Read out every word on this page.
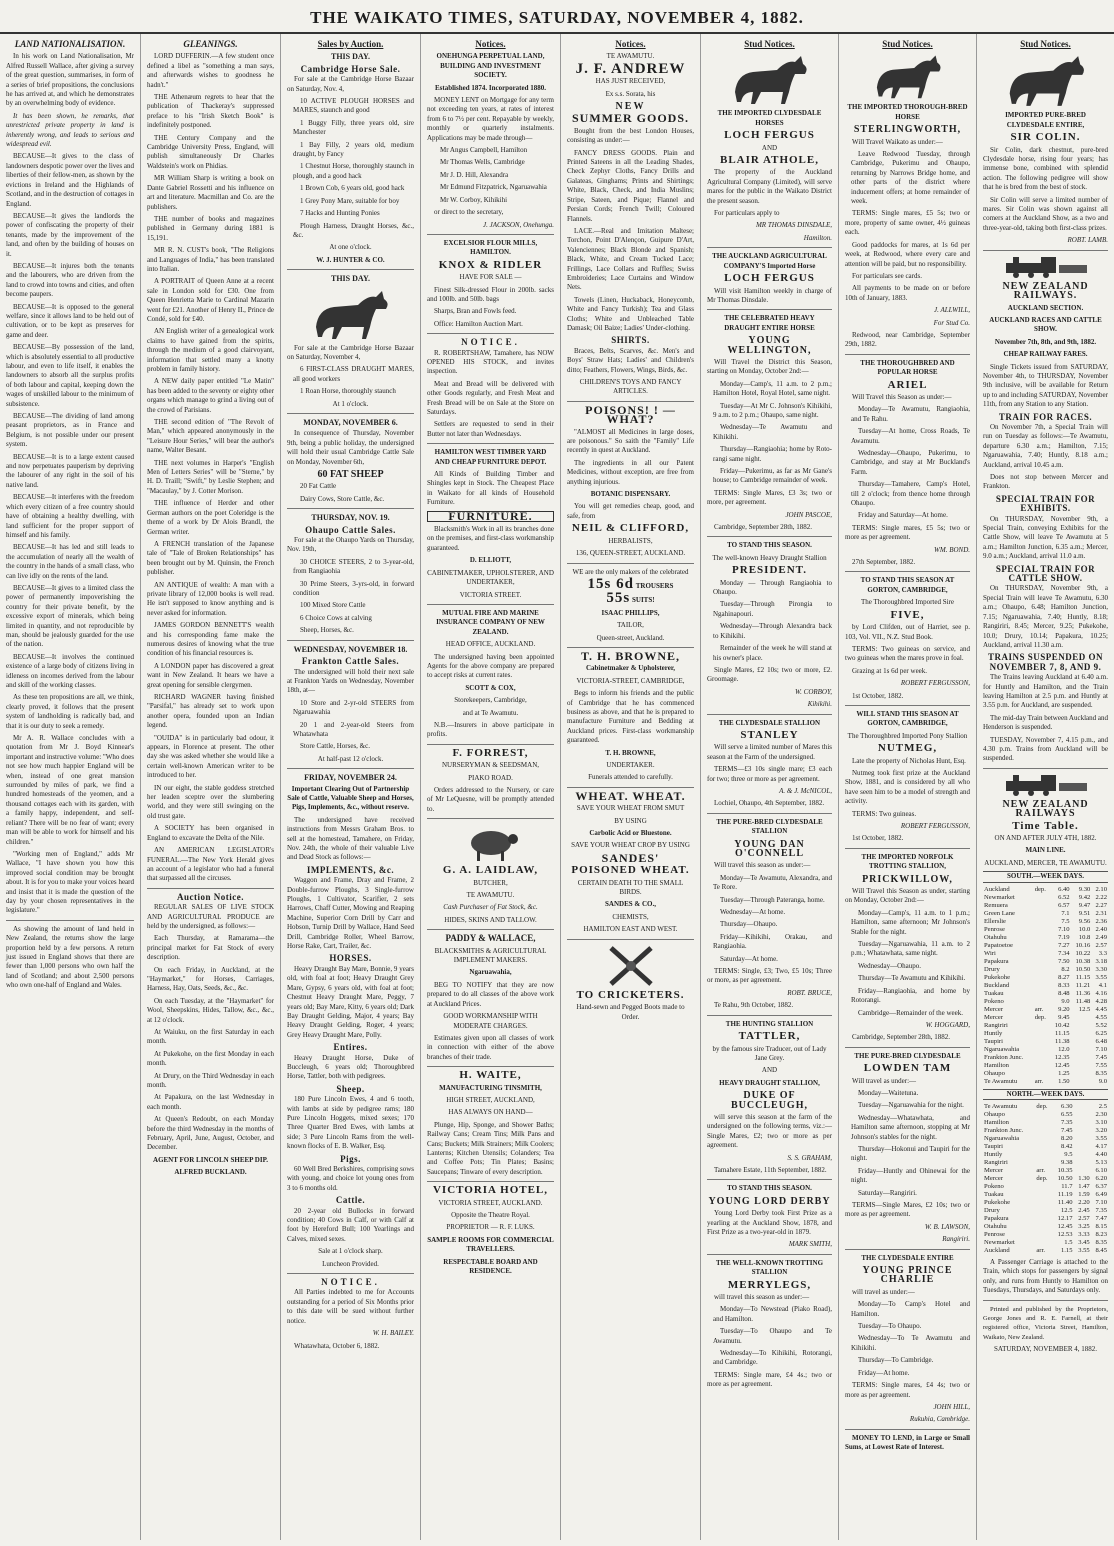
THE WAIKATO TIMES, SATURDAY, NOVEMBER 4, 1882.
LAND NATIONALISATION.

In his work on Land Nationalisation, Mr Alfred Russell Wallace, after giving a survey of the great question, summarises, in form of a series of brief propositions, the conclusions he has arrived at, and which he demonstrates by an overwhelming body of evidence.

It has been shown, he remarks, that unrestricted private property in land is inherently wrong, and leads to serious and widespread evil.

BECAUSE—It gives to the class of landowners despotic power over the lives and liberties of their fellow-men, as shown by the evictions in Ireland and the Highlands of Scotland, and in the destruction of cottages in England.

BECAUSE—It gives the landlords the power of confiscating the property of their tenants, made by the improvement of the land, and often by the building of houses on it.

BECAUSE—It injures both the tenants and the labourers, who are driven from the land to crowd into towns and cities, and often become paupers.

BECAUSE—It is opposed to the general welfare, since it allows land to be held out of cultivation, or to be kept as preserves for game and deer.

BECAUSE—By possession of the land, which is absolutely essential to all productive labour, and even to life itself, it enables the landowners to absorb all the surplus profits of both labour and capital, keeping down the wages of unskilled labour to the minimum of subsistence.

BECAUSE—The dividing of land among peasant proprietors, as in France and Belgium, is not possible under our present system.

BECAUSE—It is to a large extent caused and now perpetuates pauperism by depriving the labourer of any right in the soil of his native land.

BECAUSE—It interferes with the freedom which every citizen of a free country should have of obtaining a healthy dwelling, with land sufficient for the proper support of himself and his family.

BECAUSE—It has led and still leads to the accumulation of nearly all the wealth of the country in the hands of a small class, who can live idly on the rents of the land.

BECAUSE—It gives to a limited class the power of permanently impoverishing the country for their private benefit, by the excessive export of minerals, which being limited in quantity, and not reproducible by man, should be jealously guarded for the use of the nation.

BECAUSE—It involves the continued existence of a large body of citizens living in idleness on incomes derived from the labour and skill of the working classes.

As these ten propositions are all, we think, clearly proved, it follows that the present system of landholding is radically bad, and that it is our duty to seek a remedy.

Mr A. R. Wallace concludes with a quotation from Mr J. Boyd Kinnear's important and instructive volume: "Who does not see how much happier England will be when, instead of one great mansion surrounded by miles of park, we find a hundred homesteads of the yeomen, and a thousand cottages each with its garden, with a family happy, independent, and self-reliant? There will be no fear of want; every man will be able to work for himself and his children."

"Working men of England," adds Mr Wallace, "I have shown you how this improved social condition may be brought about. It is for you to make your voices heard and insist that it is made the question of the day by your chosen representatives in the legislature."

As showing the amount of land held in New Zealand, the returns show the large proportion held by a few persons. A return just issued in England shows that there are fewer than 1,000 persons who own half the land of Scotland; and about 2,500 persons who own one-half of England and Wales.

GLEANINGS.

LORD DUFFERIN.—A few student once defined a libel as "something a man says, and afterwards wishes to goodness he hadn't."

THE Athenæum regrets to hear that the publication of Thackeray's suppressed preface to his "Irish Sketch Book" is indefinitely postponed.

THE Century Company and the Cambridge University Press, England, will publish simultaneously Dr Charles Waldstein's work on Phidias.

MR William Sharp is writing a book on Dante Gabriel Rossetti and his influence on art and literature. Macmillan and Co. are the publishers.

THE number of books and magazines published in Germany during 1881 is 15,191.

MR R. N. CUST's book, "The Religions and Languages of India," has been translated into Italian.

A PORTRAIT of Queen Anne at a recent sale in London sold for £30. One from Queen Henrietta Marie to Cardinal Mazarin went for £21. Another of Henry II., Prince de Condé, sold for £40.

AN English writer of a genealogical work claims to have gained from the spirits, through the medium of a good clairvoyant, information that settled many a knotty problem in family history.

A NEW daily paper entitled "Le Matin" has been added to the seventy or eighty other organs which manage to grind a living out of the crowd of Parisians.

THE second edition of "The Revolt of Man," which appeared anonymously in the "Leisure Hour Series," will bear the author's name, Walter Besant.

THE next volumes in Harper's "English Men of Letters Series" will be "Sterne," by H. D. Traill; "Swift," by Leslie Stephen; and "Macaulay," by J. Cotter Morison.

THE influence of Herder and other German authors on the poet Coleridge is the theme of a work by Dr Alois Brandl, the German writer.

A FRENCH translation of the Japanese tale of "Tale of Broken Relationships" has been brought out by M. Quinsin, the French publisher.

AN ANTIQUE of wealth: A man with a private library of 12,000 books is well read. He isn't supposed to know anything and is never asked for information.

JAMES GORDON BENNETT'S wealth and his corresponding fame make the numerous desires of knowing what the true condition of his financial resources is.

A LONDON paper has discovered a great want in New Zealand. It hears we have a great opening for sensible clergymen.

RICHARD WAGNER having finished "Parsifal," has already set to work upon another opera, founded upon an Indian legend.

"OUIDA" is in particularly bad odour, it appears, in Florence at present. The other day she was asked whether she would like a certain well-known American writer to be introduced to her.

IN our eight, the stable goddess stretched her leaden sceptre over the slumbering world, and they were still swinging on the old trust gate.

A SOCIETY has been organised in England to excavate the Delta of the Nile.

AN AMERICAN LEGISLATOR's FUNERAL.—The New York Herald gives an account of a legislator who had a funeral that surpassed all the circuses.

Auction Notice.

REGULAR SALES OF LIVE STOCK AND AGRICULTURAL PRODUCE are held by the undersigned, as follows:—

Each Thursday, at Ramarama—the principal market for Fat Stock of every description.

On each Friday, in Auckland, at the "Haymarket," for Horses, Carriages, Harness, Hay, Oats, Seeds, &c., &c.

On each Tuesday, at the "Haymarket" for Wool, Sheepskins, Hides, Tallow, &c., &c., at 12 o'clock.

At Waiuku, on the first Saturday in each month.

At Pukekohe, on the first Monday in each month.

At Drury, on the Third Wednesday in each month.

At Papakura, on the last Wednesday in each month.

At Queen's Redoubt, on each Monday before the third Wednesday in the months of February, April, June, August, October, and December.

AGENT FOR LINCOLN SHEEP DIP.

ALFRED BUCKLAND.

Sales by Auction.
THIS DAY.
Cambridge Horse Sale.

For sale at the Cambridge Horse Bazaar on Saturday, Nov. 4,

10 ACTIVE PLOUGH HORSES and MARES, staunch and good

1 Buggy Filly, three years old, sire Manchester

1 Bay Filly, 2 years old, medium draught, by Fancy

1 Chestnut Horse, thoroughly staunch in plough, and a good hack

1 Brown Cob, 6 years old, good hack

1 Grey Pony Mare, suitable for boy

7 Hacks and Hunting Ponies

Plough Harness, Draught Horses, &c., &c.

At one o'clock.

W. J. HUNTER & CO.

THIS DAY.

For sale at the Cambridge Horse Bazaar on Saturday, November 4,

6 FIRST-CLASS DRAUGHT MARES, all good workers

1 Roan Horse, thoroughly staunch

At 1 o'clock.

MONDAY, NOVEMBER 6.

In consequence of Thursday, November 9th, being a public holiday, the undersigned will hold their usual Cambridge Cattle Sale on Monday, November 6th,

60 FAT SHEEP

20 Fat Cattle

Dairy Cows, Store Cattle, &c.

THURSDAY, NOV. 19.
Ohaupo Cattle Sales.

For sale at the Ohaupo Yards on Thursday, Nov. 19th,

30 CHOICE STEERS, 2 to 3-year-old, from Rangiaohia

30 Prime Steers, 3-yrs-old, in forward condition

100 Mixed Store Cattle

6 Choice Cows at calving

Sheep, Horses, &c.

WEDNESDAY, NOVEMBER 18.
Frankton Cattle Sales.

The undersigned will hold their next sale at Frankton Yards on Wednesday, November 18th, at—

10 Store and 2-yr-old STEERS from Ngaruawahia

20 1 and 2-year-old Steers from Whatawhata

Store Cattle, Horses, &c.

At half-past 12 o'clock.

FRIDAY, NOVEMBER 24.

Important Clearing Out of Partnership Sale of Cattle, Valuable Sheep and Horses, Pigs, Implements, &c., without reserve.

The undersigned have received instructions from Messrs Graham Bros. to sell at the homestead, Tamahere, on Friday, Nov. 24th, the whole of their valuable Live and Dead Stock as follows:—

IMPLEMENTS, &c.

Waggon and Frame, Dray and Frame, 2 Double-furrow Ploughs, 3 Single-furrow Ploughs, 1 Cultivator, Scarifier, 2 sets Harrows, Chaff Cutter, Mowing and Reaping Machine, Superior Corn Drill by Carr and Hobson, Turnip Drill by Wallace, Hand Seed Drill, Cambridge Roller, Wheel Barrow, Horse Rake, Cart, Trailer, &c.

HORSES.

Heavy Draught Bay Mare, Bonnie, 9 years old, with foal at foot; Heavy Draught Grey Mare, Gypsy, 6 years old, with foal at foot; Chestnut Heavy Draught Mare, Peggy, 7 years old; Bay Mare, Kitty, 6 years old; Dark Bay Draught Gelding, Major, 4 years; Bay Heavy Draught Gelding, Roger, 4 years; Grey Heavy Draught Mare, Polly.

Entires.

Heavy Draught Horse, Duke of Buccleugh, 6 years old; Thoroughbred Horse, Tattler, both with pedigrees.

Sheep.

180 Pure Lincoln Ewes, 4 and 6 tooth, with lambs at side by pedigree rams; 180 Pure Lincoln Hoggets, mixed sexes; 170 Three Quarter Bred Ewes, with lambs at side; 3 Pure Lincoln Rams from the well-known flocks of E. B. Walker, Esq.

Pigs.

60 Well Bred Berkshires, comprising sows with young, and choice lot young ones from 3 to 6 months old.

Cattle.

20 2-year old Bullocks in forward condition; 40 Cows in Calf, or with Calf at foot by Hereford Bull; 100 Yearlings and Calves, mixed sexes.

Sale at 1 o'clock sharp.

Luncheon Provided.

NOTICE.

All Parties indebted to me for Accounts outstanding for a period of Six Months prior to this date will be sued without further notice.

W. H. BAILEY.

Whatawhata, October 6, 1882.

Notices.

ONEHUNGA PERPETUAL LAND, BUILDING AND INVESTMENT SOCIETY.

Established 1874. Incorporated 1880.

MONEY LENT on Mortgage for any term not exceeding ten years, at rates of interest from 6 to 7½ per cent. Repayable by weekly, monthly or quarterly instalments. Applications may be made through—

Mr Angus Campbell, Hamilton

Mr Thomas Wells, Cambridge

Mr J. D. Hill, Alexandra

Mr Edmund Fitzpatrick, Ngaruawahia

Mr W. Corboy, Kihikihi

or direct to the secretary,

J. JACKSON, Onehunga.

EXCELSIOR FLOUR MILLS, HAMILTON.

KNOX & RIDLER

HAVE FOR SALE —

Finest Silk-dressed Flour in 200lb. sacks and 100lb. and 50lb. bags

Sharps, Bran and Fowls feed.

Office: Hamilton Auction Mart.

NOTICE.

R. ROBERTSHAW, Tamahere, has NOW OPENED HIS STOCK, and invites inspection.

Meat and Bread will be delivered with other Goods regularly, and Fresh Meat and Fresh Bread will be on Sale at the Store on Saturdays.

Settlers are requested to send in their Butter not later than Wednesdays.

HAMILTON WEST TIMBER YARD AND CHEAP FURNITURE DEPOT.

All Kinds of Building Timber and Shingles kept in Stock. The Cheapest Place in Waikato for all kinds of Household Furniture.

FURNITURE.

Blacksmith's Work in all its branches done on the premises, and first-class workmanship guaranteed.

D. ELLIOTT,

CABINETMAKER, UPHOLSTERER, AND UNDERTAKER,

VICTORIA STREET.

MUTUAL FIRE AND MARINE INSURANCE COMPANY OF NEW ZEALAND.

HEAD OFFICE, AUCKLAND.

The undersigned having been appointed Agents for the above company are prepared to accept risks at current rates.

SCOTT & COX,

Storekeepers, Cambridge,

and at Te Awamutu.

N.B.—Insurers in above participate in profits.

F. FORREST,

NURSERYMAN & SEEDSMAN,

PIAKO ROAD.

Orders addressed to the Nursery, or care of Mr LeQuesne, will be promptly attended to.

G. A. LAIDLAW,

BUTCHER,

TE AWAMUTU.

Cash Purchaser of Fat Stock, &c.

HIDES, SKINS AND TALLOW.

PADDY & WALLACE,

BLACKSMITHS & AGRICULTURAL IMPLEMENT MAKERS.

Ngaruawahia,

BEG TO NOTIFY that they are now prepared to do all classes of the above work at Auckland Prices.

GOOD WORKMANSHIP WITH MODERATE CHARGES.

Estimates given upon all classes of work in connection with either of the above branches of their trade.

H. WAITE,

MANUFACTURING TINSMITH,

HIGH STREET, AUCKLAND,

HAS ALWAYS ON HAND—

Plunge, Hip, Sponge, and Shower Baths; Railway Cans; Cream Tins; Milk Pans and Cans; Buckets; Milk Strainers; Milk Coolers; Lanterns; Kitchen Utensils; Colanders; Tea and Coffee Pots; Tin Plates; Basins; Saucepans; Tinware of every description.

VICTORIA HOTEL,

VICTORIA STREET, AUCKLAND.

Opposite the Theatre Royal.

PROPRIETOR — R. F. LUKS.

SAMPLE ROOMS FOR COMMERCIAL TRAVELLERS.

RESPECTABLE BOARD AND RESIDENCE.

Notices.

TE AWAMUTU.

J. F. ANDREW

HAS JUST RECEIVED,

Ex s.s. Sorata, his

NEW

SUMMER GOODS.

Bought from the best London Houses, consisting as under:—

FANCY DRESS GOODS. Plain and Printed Sateens in all the Leading Shades, Check Zephyr Cloths, Fancy Drills and Galateas, Ginghams; Prints and Shirtings; White, Black, Check, and India Muslins; Stripe, Sateen, and Pique; Flannel and Persian Cords; French Twill; Coloured Flannels.

LACE.—Real and Imitation Maltese; Torchon, Point D'Alençon, Guipure D'Art, Valenciennes; Black Blonde and Spanish; Black, White, and Cream Tucked Lace; Frillings, Lace Collars and Ruffles; Swiss Embroideries; Lace Curtains and Window Nets.

Towels (Linen, Huckaback, Honeycomb, White and Fancy Turkish); Tea and Glass Cloths; White and Unbleached Table Damask; Oil Baize; Ladies' Under-clothing.

SHIRTS.

Braces, Belts, Scarves, &c. Men's and Boys' Straw Hats; Ladies' and Children's ditto; Feathers, Flowers, Wings, Birds, &c.

CHILDREN'S TOYS AND FANCY ARTICLES.

POISONS! ! —WHAT?

"ALMOST all Medicines in large doses, are poisonous." So saith the "Family" Life recently in quest at Auckland.

The ingredients in all our Patent Medicines, without exception, are free from anything injurious.

BOTANIC DISPENSARY.

You will get remedies cheap, good, and safe, from

NEIL & CLIFFORD,

HERBALISTS,

136, QUEEN-STREET, AUCKLAND.

WE are the only makers of the celebrated

15s 6d TROUSERS

55s SUITS!

ISAAC PHILLIPS,

TAILOR,

Queen-street, Auckland.

T. H. BROWNE,

Cabinetmaker & Upholsterer,

VICTORIA-STREET, CAMBRIDGE,

Begs to inform his friends and the public of Cambridge that he has commenced business as above, and that he is prepared to manufacture Furniture and Bedding at Auckland prices. First-class workmanship guaranteed.

T. H. BROWNE,

UNDERTAKER.

Funerals attended to carefully.

WHEAT. WHEAT.

SAVE YOUR WHEAT FROM SMUT

BY USING

Carbolic Acid or Bluestone.

SAVE YOUR WHEAT CROP BY USING

SANDES'

POISONED WHEAT.

CERTAIN DEATH TO THE SMALL BIRDS.

SANDES & CO.,

CHEMISTS,

HAMILTON EAST AND WEST.

TO CRICKETERS.

Hand-sewn and Pegged Boots made to Order.

Stud Notices.

THE IMPORTED CLYDESDALE HORSES

LOCH FERGUS

AND

BLAIR ATHOLE,

The property of the Auckland Agricultural Company (Limited), will serve mares for the public in the Waikato District the present season.

For particulars apply to

MR THOMAS DINSDALE,

Hamilton.

THE AUCKLAND AGRICULTURAL COMPANY'S Imported Horse

LOCH FERGUS

Will visit Hamilton weekly in charge of Mr Thomas Dinsdale.

THE CELEBRATED HEAVY DRAUGHT ENTIRE HORSE

YOUNG WELLINGTON,

Will Travel the District this Season, starting on Monday, October 2nd:—

Monday—Camp's, 11 a.m. to 2 p.m.; Hamilton Hotel, Royal Hotel, same night.

Tuesday—At Mr C. Johnson's Kihikihi, 9 a.m. to 2 p.m.; Ohaupo, same night.

Wednesday—Te Awamutu and Kihikihi.

Thursday—Rangiaohia; home by Roto-rangi same night.

Friday—Pukerimu, as far as Mr Gane's house; to Cambridge remainder of week.

TERMS: Single Mares, £3 3s; two or more, per agreement.

JOHN PASCOE,

Cambridge, September 28th, 1882.

TO STAND THIS SEASON.

The well-known Heavy Draught Stallion

PRESIDENT.

Monday — Through Rangiaohia to Ohaupo.

Tuesday—Through Pirongia to Ngahinapouri.

Wednesday—Through Alexandra back to Kihikihi.

Remainder of the week he will stand at his owner's place.

Single Mares, £2 10s; two or more, £2. Groomage.

W. CORBOY,

Kihikihi.

THE CLYDESDALE STALLION

STANLEY

Will serve a limited number of Mares this season at the Farm of the undersigned.

TERMS—£3 10s single mare; £3 each for two; three or more as per agreement.

A. & J. McNICOL,

Lochiel, Ohaupo, 4th September, 1882.

THE PURE-BRED CLYDESDALE STALLION

YOUNG DAN O'CONNELL

Will travel this season as under:—

Monday—Te Awamutu, Alexandra, and Te Rore.

Tuesday—Through Pateranga, home.

Wednesday—At home.

Thursday—Ohaupo.

Friday—Kihikihi, Orakau, and Rangiaohia.

Saturday—At home.

TERMS: Single, £3; Two, £5 10s; Three or more, as per agreement.

ROBT. BRUCE,

Te Rahu, 9th October, 1882.

THE HUNTING STALLION

TATTLER,

by the famous sire Traducer, out of Lady Jane Grey.

AND

HEAVY DRAUGHT STALLION,

DUKE OF BUCCLEUGH,

will serve this season at the farm of the undersigned on the following terms, viz.:—Single Mares, £2; two or more as per agreement.

S. S. GRAHAM,

Tamahere Estate, 11th September, 1882.

TO STAND THIS SEASON.

YOUNG LORD DERBY

Young Lord Derby took First Prize as a yearling at the Auckland Show, 1878, and First Prize as a two-year-old in 1879.

MARK SMITH,

THE WELL-KNOWN TROTTING STALLION

MERRYLEGS,

will travel this season as under:—

Monday—To Newstead (Piako Road), and Hamilton.

Tuesday—To Ohaupo and Te Awamutu.

Wednesday—To Kihikihi, Rotorangi, and Cambridge.

TERMS: Single mare, £4 4s.; two or more as per agreement.

Stud Notices.

THE IMPORTED THOROUGH-BRED HORSE

STERLINGWORTH,

Will Travel Waikato as under:—

Leave Redwood Tuesday, through Cambridge, Pukerimu and Ohaupo, returning by Narrows Bridge home, and other parts of the district where inducement offers; at home remainder of week.

TERMS: Single mares, £5 5s; two or more, property of same owner, 4½ guineas each.

Good paddocks for mares, at 1s 6d per week, at Redwood, where every care and attention will be paid, but no responsibility.

For particulars see cards.

All payments to be made on or before 10th of January, 1883.

J. ALLWILL,

For Stud Co.

Redwood, near Cambridge, September 29th, 1882.

THE THOROUGHBRED AND POPULAR HORSE

ARIEL

Will Travel this Season as under:—

Monday—Te Awamutu, Rangiaohia, and Te Rahu.

Tuesday—At home, Cross Roads, Te Awamutu.

Wednesday—Ohaupo, Pukerimu, to Cambridge, and stay at Mr Buckland's Farm.

Thursday—Tamahere, Camp's Hotel, till 2 o'clock; from thence home through Ohaupo.

Friday and Saturday—At home.

TERMS: Single mares, £5 5s; two or more as per agreement.

WM. BOND.

27th September, 1882.

TO STAND THIS SEASON AT GORTON, CAMBRIDGE,

The Thoroughbred Imported Sire

FIVE,

by Lord Clifden, out of Harriet, see p. 103, Vol. VII., N.Z. Stud Book.

TERMS: Two guineas on service, and two guineas when the mares prove in foal.

Grazing at 1s 6d per week.

ROBERT FERGUSSON,

1st October, 1882.

WILL STAND THIS SEASON AT GORTON, CAMBRIDGE,

The Thoroughbred Imported Pony Stallion

NUTMEG,

Late the property of Nicholas Hunt, Esq.

Nutmeg took first prize at the Auckland Show, 1881, and is considered by all who have seen him to be a model of strength and activity.

TERMS: Two guineas.

ROBERT FERGUSSON,

1st October, 1882.

THE IMPORTED NORFOLK TROTTING STALLION,

PRICKWILLOW,

Will Travel this Season as under, starting on Monday, October 2nd:—

Monday—Camp's, 11 a.m. to 1 p.m.; Hamilton, same afternoon; Mr Johnson's Stable for the night.

Tuesday—Ngaruawahia, 11 a.m. to 2 p.m.; Whatawhata, same night.

Wednesday—Ohaupo.

Thursday—Te Awamutu and Kihikihi.

Friday—Rangiaohia, and home by Rotorangi.

Cambridge—Remainder of the week.

W. HOGGARD,

Cambridge, September 28th, 1882.

THE PURE-BRED CLYDESDALE

LOWDEN TAM

Will travel as under:—

Monday—Waitetuna.

Tuesday—Ngaruawahia for the night.

Wednesday—Whatawhata, and Hamilton same afternoon, stopping at Mr Johnson's stables for the night.

Thursday—Hokonui and Taupiri for the night.

Friday—Huntly and Ohinewai for the night.

Saturday—Rangiriri.

TERMS—Single Mares, £2 10s; two or more as per agreement.

W. B. LAWSON,

Rangiriri.

THE CLYDESDALE ENTIRE

YOUNG PRINCE CHARLIE

will travel as under:—

Monday—To Camp's Hotel and Hamilton.

Tuesday—To Ohaupo.

Wednesday—To Te Awamutu and Kihikihi.

Thursday—To Cambridge.

Friday—At home.

TERMS: Single mares, £4 4s; two or more as per agreement.

JOHN HILL,

Rukuhia, Cambridge.

MONEY TO LEND, in Large or Small Sums, at Lowest Rate of Interest.

Stud Notices.

IMPORTED PURE-BRED CLYDESDALE ENTIRE,

SIR COLIN.

Sir Colin, dark chestnut, pure-bred Clydesdale horse, rising four years; has immense bone, combined with splendid action. The following pedigree will show that he is bred from the best of stock.

Sir Colin will serve a limited number of mares. Sir Colin was shown against all comers at the Auckland Show, as a two and three-year-old, taking both first-class prizes.

ROBT. LAMB.

NEW ZEALAND RAILWAYS.

AUCKLAND SECTION.

AUCKLAND RACES AND CATTLE SHOW.

November 7th, 8th, and 9th, 1882.

CHEAP RAILWAY FARES.

Single Tickets issued from SATURDAY, November 4th, to THURSDAY, November 9th inclusive, will be available for Return up to and including SATURDAY, November 11th, from any Station to any Station.

TRAIN FOR RACES.

On November 7th, a Special Train will run on Tuesday as follows:—Te Awamutu, departure 6.30 a.m.; Hamilton, 7.15; Ngaruawahia, 7.40; Huntly, 8.18 a.m.; Auckland, arrival 10.45 a.m.

Does not stop between Mercer and Frankton.

SPECIAL TRAIN FOR EXHIBITS.

On THURSDAY, November 9th, a Special Train, conveying Exhibits for the Cattle Show, will leave Te Awamutu at 5 a.m.; Hamilton Junction, 6.35 a.m.; Mercer, 9.0 a.m.; Auckland, arrival 11.0 a.m.

SPECIAL TRAIN FOR CATTLE SHOW.

On THURSDAY, November 9th, a Special Train will leave Te Awamutu, 6.30 a.m.; Ohaupo, 6.48; Hamilton Junction, 7.15; Ngaruawahia, 7.40; Huntly, 8.18; Rangiriri, 8.45; Mercer, 9.25; Pukekohe, 10.0; Drury, 10.14; Papakura, 10.25; Auckland, arrival 11.30 a.m.

TRAINS SUSPENDED ON NOVEMBER 7, 8, AND 9.

The Trains leaving Auckland at 6.40 a.m. for Huntly and Hamilton, and the Train leaving Hamilton at 2.5 p.m. and Huntly at 3.55 p.m. for Auckland, are suspended.

The mid-day Train between Auckland and Henderson is suspended.

TUESDAY, November 7, 4.15 p.m., and 4.30 p.m. Trains from Auckland will be suspended.

NEW ZEALAND RAILWAYS

Time Table.

ON AND AFTER JULY 4TH, 1882.

MAIN LINE.

AUCKLAND, MERCER, TE AWAMUTU.

SOUTH.—WEEK DAYS.

Auckland	dep.	6.40	9.30	2.10
Newmarket		6.52	9.42	2.22
Remuera		6.57	9.47	2.27
Green Lane		7.1	9.51	2.31
Ellerslie		7.5	9.56	2.36
Penrose		7.10	10.0	2.40
Otahuhu		7.19	10.8	2.49
Papatoetoe		7.27	10.16	2.57
Wiri		7.34	10.22	3.3
Papakura		7.50	10.38	3.18
Drury		8.2	10.50	3.30
Pukekohe		8.27	11.15	3.55
Buckland		8.33	11.21	4.1
Tuakau		8.48	11.36	4.16
Pokeno		9.0	11.48	4.28
Mercer	arr.	9.20	12.5	4.45
Mercer	dep.	9.45		4.55
Rangiriri		10.42		5.52
Huntly		11.15		6.25
Taupiri		11.38		6.48
Ngaruawahia		12.0		7.10
Frankton Junc.		12.35		7.45
Hamilton		12.45		7.55
Ohaupo		1.25		8.35
Te Awamutu	arr.	1.50		9.0

NORTH.—WEEK DAYS.

Te Awamutu	dep.	6.30		2.5
Ohaupo		6.55		2.30
Hamilton		7.35		3.10
Frankton Junc.		7.45		3.20
Ngaruawahia		8.20		3.55
Taupiri		8.42		4.17
Huntly		9.5		4.40
Rangiriri		9.38		5.13
Mercer	arr.	10.35		6.10
Mercer	dep.	10.50	1.30	6.20
Pokeno		11.7	1.47	6.37
Tuakau		11.19	1.59	6.49
Pukekohe		11.40	2.20	7.10
Drury		12.5	2.45	7.35
Papakura		12.17	2.57	7.47
Otahuhu		12.45	3.25	8.15
Penrose		12.53	3.33	8.23
Newmarket		1.5	3.45	8.35
Auckland	arr.	1.15	3.55	8.45

A Passenger Carriage is attached to the Train, which stops for passengers by signal only, and runs from Huntly to Hamilton on Tuesdays, Thursdays, and Saturdays only.

Printed and published by the Proprietors, George Jones and R. E. Farnell, at their registered office, Victoria Street, Hamilton, Waikato, New Zealand.

SATURDAY, NOVEMBER 4, 1882.
